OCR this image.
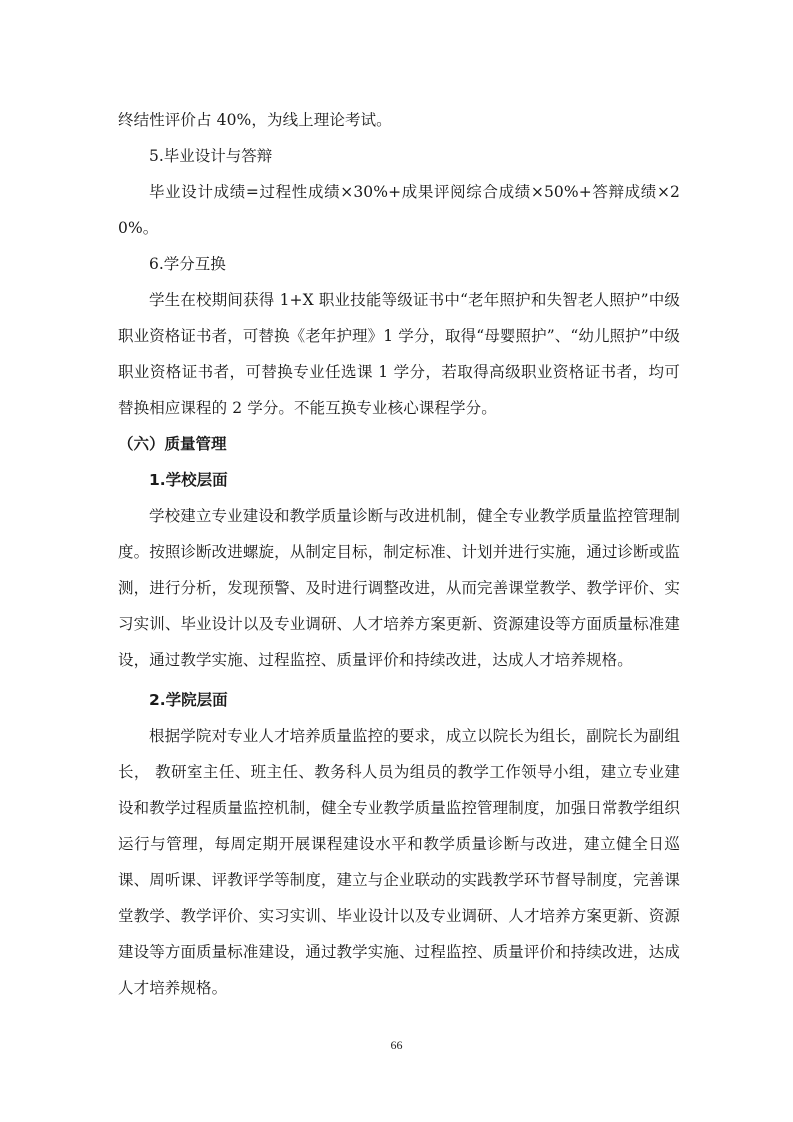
终结性评价占 40%，为线上理论考试。

5.毕业设计与答辩

毕业设计成绩=过程性成绩×30%+成果评阅综合成绩×50%+答辩成绩×20%。

6.学分互换

学生在校期间获得 1+X 职业技能等级证书中“老年照护和失智老人照护”中级职业资格证书者，可替换《老年护理》1 学分，取得“母婴照护”、“幼儿照护”中级职业资格证书者，可替换专业任选课 1 学分，若取得高级职业资格证书者，均可替换相应课程的 2 学分。不能互换专业核心课程学分。

（六）质量管理

1.学校层面

学校建立专业建设和教学质量诊断与改进机制，健全专业教学质量监控管理制度。按照诊断改进螺旋，从制定目标，制定标准、计划并进行实施，通过诊断或监测，进行分析，发现预警、及时进行调整改进，从而完善课堂教学、教学评价、实习实训、毕业设计以及专业调研、人才培养方案更新、资源建设等方面质量标准建设，通过教学实施、过程监控、质量评价和持续改进，达成人才培养规格。

2.学院层面

根据学院对专业人才培养质量监控的要求，成立以院长为组长，副院长为副组长， 教研室主任、班主任、教务科人员为组员的教学工作领导小组，建立专业建设和教学过程质量监控机制，健全专业教学质量监控管理制度，加强日常教学组织运行与管理，每周定期开展课程建设水平和教学质量诊断与改进，建立健全日巡课、周听课、评教评学等制度，建立与企业联动的实践教学环节督导制度，完善课堂教学、教学评价、实习实训、毕业设计以及专业调研、人才培养方案更新、资源建设等方面质量标准建设，通过教学实施、过程监控、质量评价和持续改进，达成人才培养规格。

66
